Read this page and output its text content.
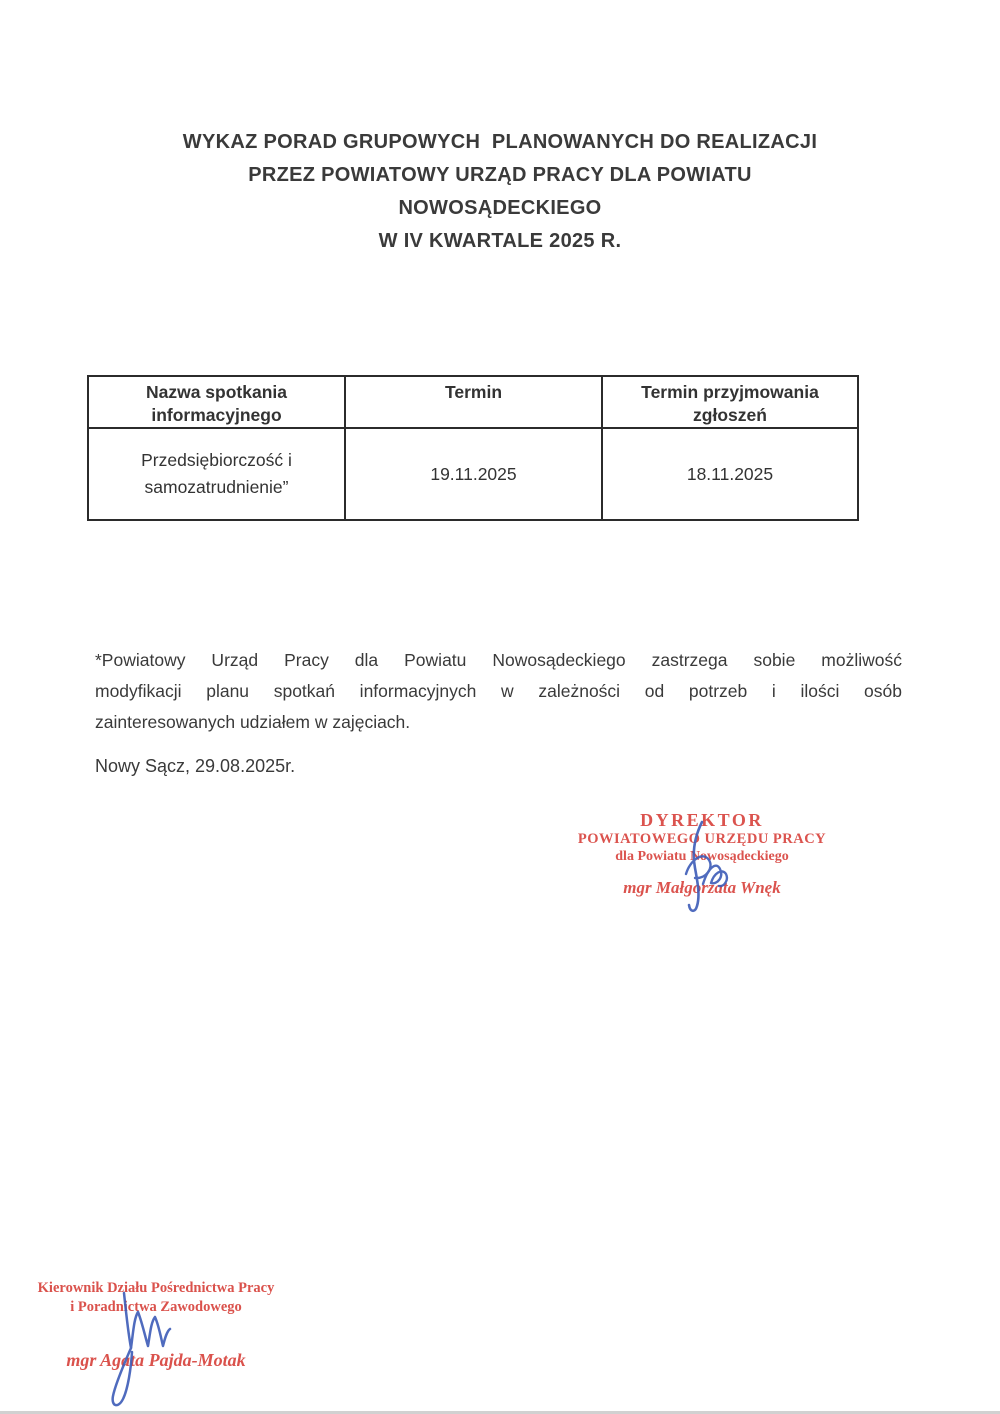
WYKAZ PORAD GRUPOWYCH  PLANOWANYCH DO REALIZACJI
PRZEZ POWIATOWY URZĄD PRACY DLA POWIATU
NOWOSĄDECKIEGO
W IV KWARTALE 2025 R.
Nazwa spotkania informacyjnego	Termin	Termin przyjmowania zgłoszeń
Przedsiębiorczość i samozatrudnienie”	19.11.2025	18.11.2025
*Powiatowy Urząd Pracy dla Powiatu Nowosądeckiego zastrzega sobie możliwość
modyfikacji planu spotkań informacyjnych w zależności od potrzeb i ilości osób
zainteresowanych udziałem w zajęciach.
Nowy Sącz, 29.08.2025r.
DYREKTOR
POWIATOWEGO URZĘDU PRACY
dla Powiatu Nowosądeckiego
mgr Małgorzata Wnęk
Kierownik Działu Pośrednictwa Pracy
i Poradnictwa Zawodowego
mgr Agata Pajda-Motak
